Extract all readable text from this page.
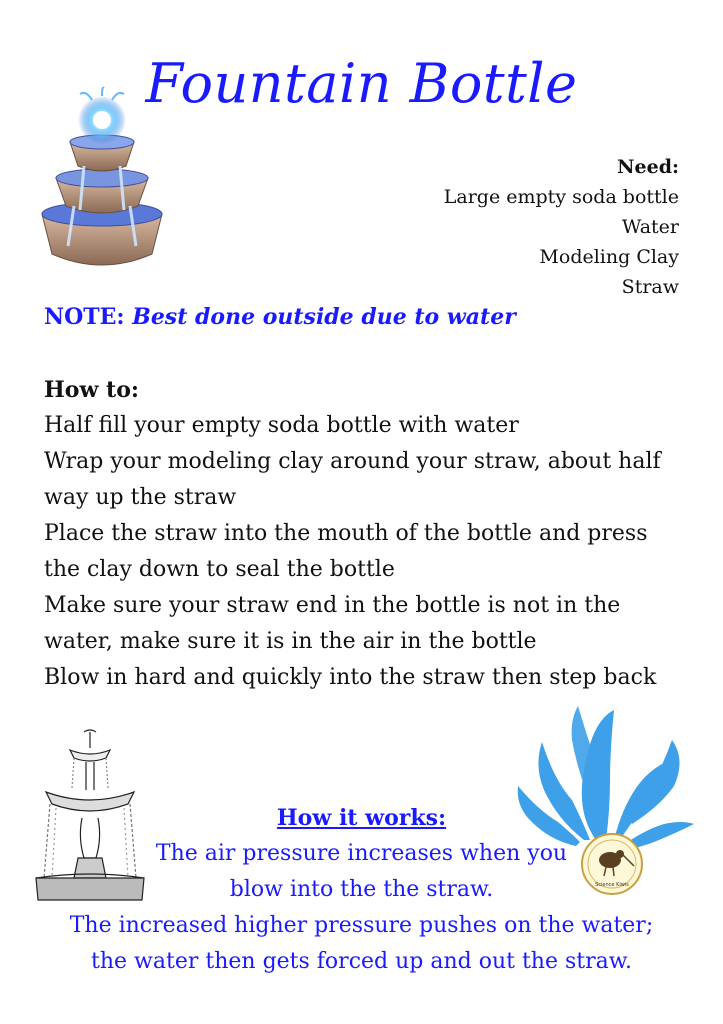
Fountain Bottle
Need:
Large empty soda bottle
Water
Modeling Clay
Straw
NOTE: Best done outside due to water
How to:
Half fill your empty soda bottle with water
Wrap your modeling clay around your straw, about half way up the straw
Place the straw into the mouth of the bottle and press the clay down to seal the bottle
Make sure your straw end in the bottle is not in the water, make sure it is in the air in the bottle
Blow in hard and quickly into the straw then step back
Science Kiwis
How it works:
The air pressure increases when you
blow into the the straw.
The increased higher pressure pushes on the water;
the water then gets forced up and out the straw.
